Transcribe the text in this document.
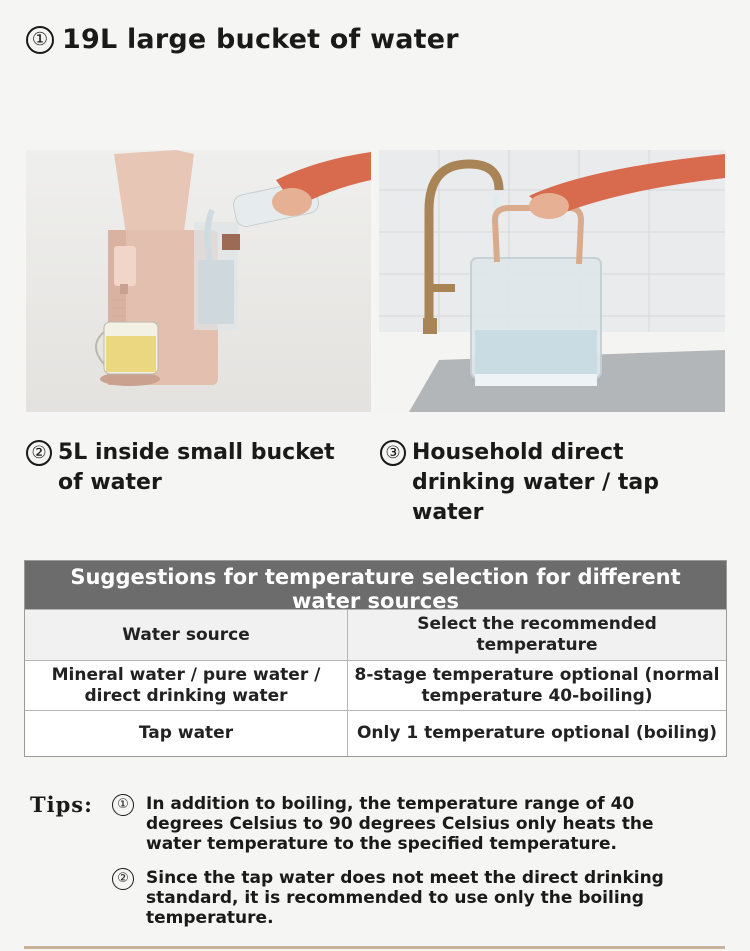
① 19L large bucket of water
② 5L inside small bucket of water
③ Household direct drinking water / tap water
Suggestions for temperature selection for different water sources
Water source	Select the recommended temperature
Mineral water / pure water / direct drinking water	8-stage temperature optional (normal temperature 40-boiling)
Tap water	Only 1 temperature optional (boiling)
Tips:	①	In addition to boiling, the temperature range of 40 degrees Celsius to 90 degrees Celsius only heats the water temperature to the specified temperature.
②	Since the tap water does not meet the direct drinking standard, it is recommended to use only the boiling temperature.
